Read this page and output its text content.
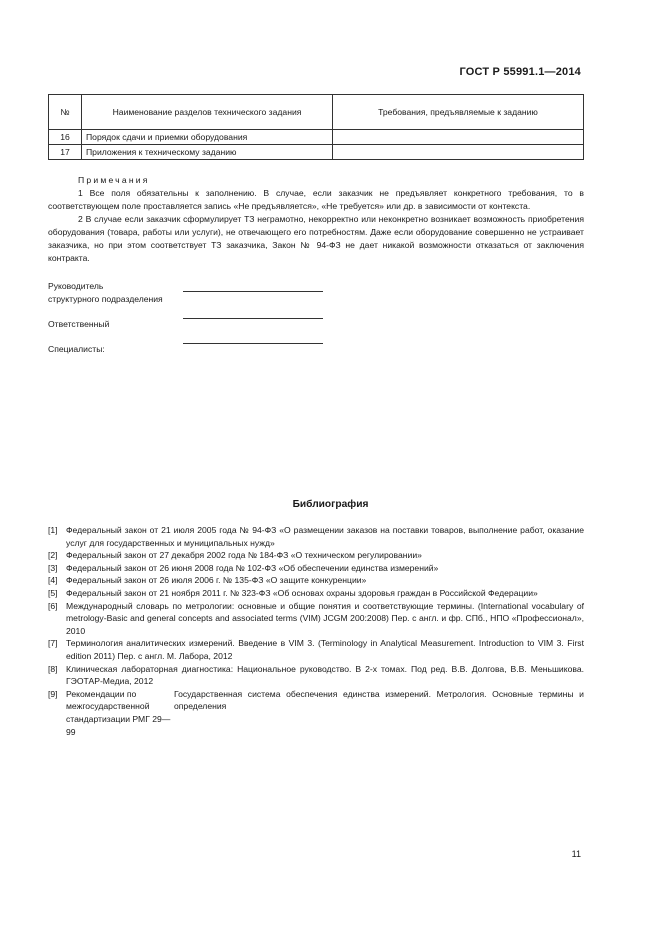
ГОСТ Р 55991.1—2014
№	Наименование разделов технического задания	Требования, предъявляемые к заданию
16	Порядок сдачи и приемки оборудования	
17	Приложения к техническому заданию	
Примечания

1 Все поля обязательны к заполнению. В случае, если заказчик не предъявляет конкретного требования, то в соответствующем поле проставляется запись «Не предъявляется», «Не требуется» или др. в зависимости от контекста.

2 В случае если заказчик сформулирует ТЗ неграмотно, некорректно или неконкретно возникает возможность приобретения оборудования (товара, работы или услуги), не отвечающего его потребностям. Даже если оборудование совершенно не устраивает заказчика, но при этом соответствует ТЗ заказчика, Закон № 94-ФЗ не дает никакой возможности отказаться от заключения контракта.

Руководитель
структурного подразделения
Ответственный
Специалисты:
Библиография
[1] Федеральный закон от 21 июля 2005 года № 94-ФЗ «О размещении заказов на поставки товаров, выполнение работ, оказание услуг для государственных и муниципальных нужд»
[2] Федеральный закон от 27 декабря 2002 года № 184-ФЗ «О техническом регулировании»
[3] Федеральный закон от 26 июня 2008 года № 102-ФЗ «Об обеспечении единства измерений»
[4] Федеральный закон от 26 июля 2006 г. № 135-ФЗ «О защите конкуренции»
[5] Федеральный закон от 21 ноября 2011 г. № 323-ФЗ «Об основах охраны здоровья граждан в Российской Федерации»
[6] Международный словарь по метрологии: основные и общие понятия и соответствующие термины. (International vocabulary of metrology-Basic and general concepts and associated terms (VIM) JCGM 200:2008) Пер. с англ. и фр. СПб., НПО «Профессионал», 2010
[7] Терминология аналитических измерений. Введение в VIM 3. (Terminology in Analytical Measurement. Introduction to VIM 3. First edition 2011) Пер. с англ. М. Лабора, 2012
[8] Клиническая лабораторная диагностика: Национальное руководство. В 2-х томах. Под ред. В.В. Долгова, В.В. Меньшикова. ГЭОТАР-Медиа, 2012
[9] Рекомендации по межгосударственной стандартизации РМГ 29—99
Государственная система обеспечения единства измерений. Метрология. Основные термины и определения
11
